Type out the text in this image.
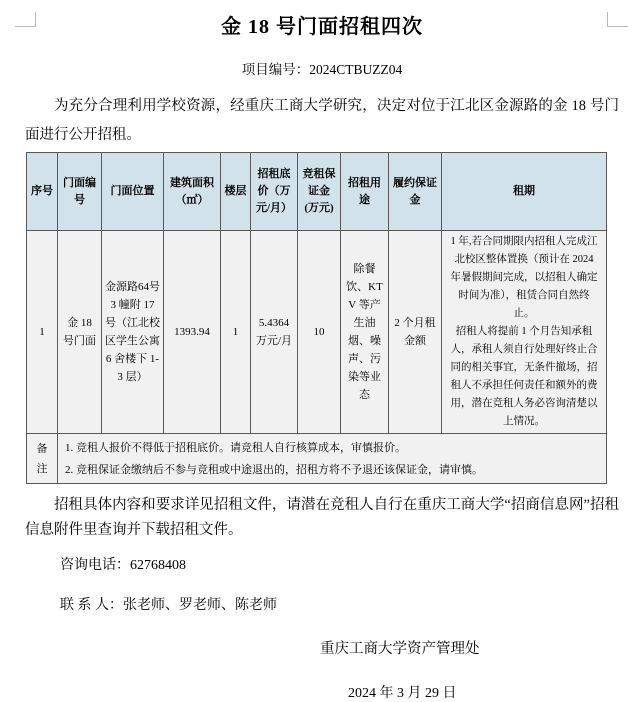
金 18 号门面招租四次

项目编号：2024CTBUZZ04

为充分合理利用学校资源，经重庆工商大学研究，决定对位于江北区金源路的金 18 号门面进行公开招租。

序号	门面编号	门面位置	建筑面积（㎡）	楼层	招租底价（万元/月）	竞租保证金(万元)	招租用途	履约保证金	租期
1	金 18 号门面	金源路64号 3 幢附 17 号（江北校区学生公寓 6 舍楼下 1-3 层）	1393.94	1	5.4364 万元/月	10	除餐饮、KTV 等产生油烟、噪声、污染等业态	2 个月租金额	1 年,若合同期限内招租人完成江北校区整体置换（预计在 2024 年暑假期间完成，以招租人确定时间为准），租赁合同自然终止。

招租人将提前 1 个月告知承租人，承租人须自行处理好终止合同的相关事宜，无条件撤场，招租人不承担任何责任和额外的费用，潜在竞租人务必咨询清楚以上情况。

备注	1. 竞租人报价不得低于招租底价。请竞租人自行核算成本，审慎报价。
2. 竞租保证金缴纳后不参与竞租或中途退出的，招租方将不予退还该保证金，请审慎。								

招租具体内容和要求详见招租文件，请潜在竞租人自行在重庆工商大学“招商信息网”招租信息附件里查询并下载招租文件。

咨询电话：62768408

联 系 人：张老师、罗老师、陈老师

重庆工商大学资产管理处

2024 年 3 月 29 日
